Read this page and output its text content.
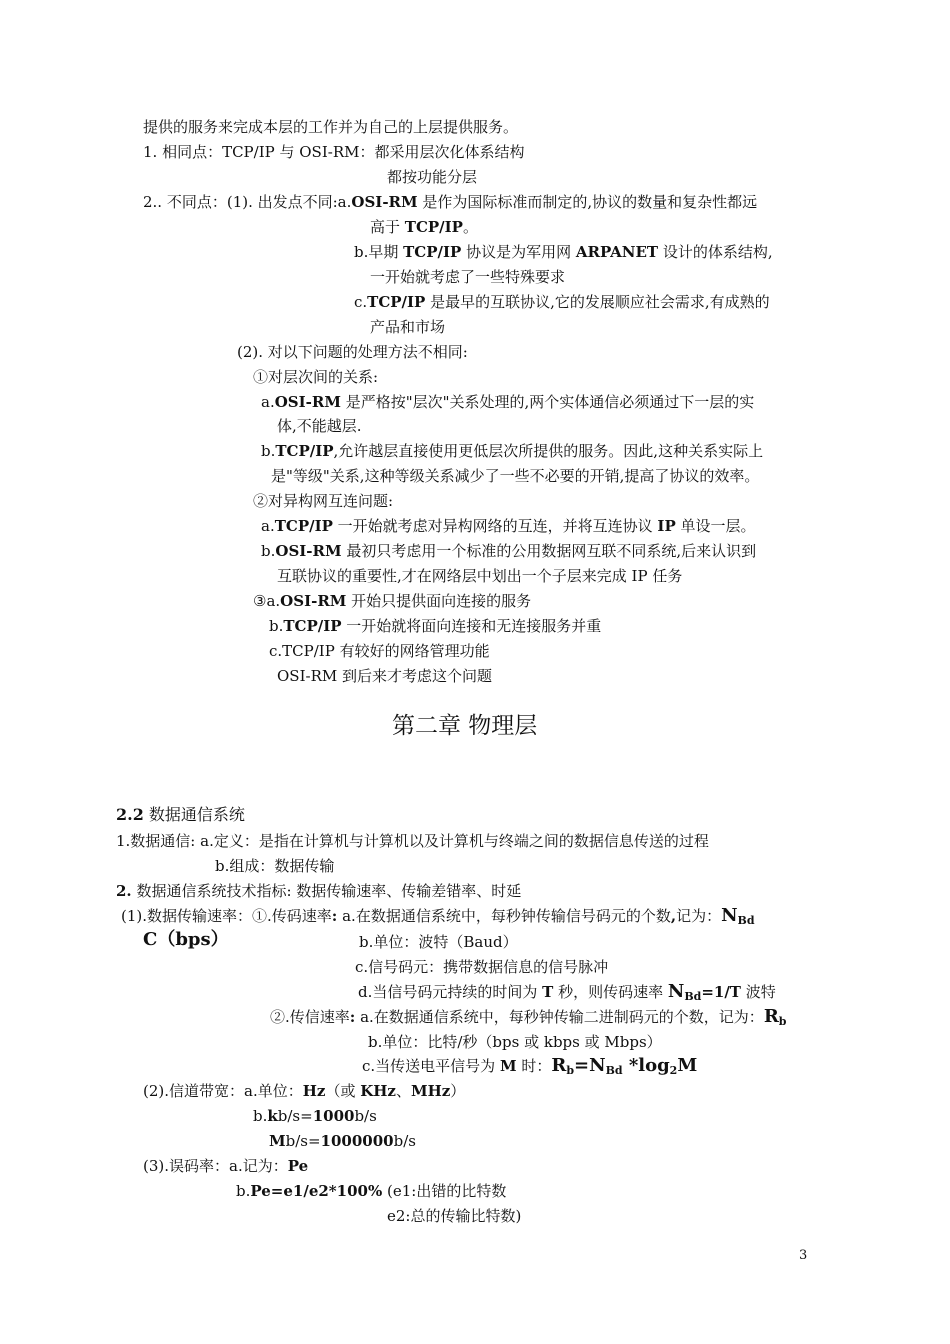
提供的服务来完成本层的工作并为自己的上层提供服务。
1. 相同点：TCP/IP 与 OSI-RM：都采用层次化体系结构
都按功能分层
2.. 不同点：(1). 出发点不同:a.OSI-RM 是作为国际标准而制定的,协议的数量和复杂性都远
高于 TCP/IP。
b.早期 TCP/IP 协议是为军用网 ARPANET 设计的体系结构,
一开始就考虑了一些特殊要求
c.TCP/IP 是最早的互联协议,它的发展顺应社会需求,有成熟的
产品和市场
(2). 对以下问题的处理方法不相同:
①对层次间的关系:
a.OSI-RM 是严格按"层次"关系处理的,两个实体通信必须通过下一层的实
体,不能越层.
b.TCP/IP,允许越层直接使用更低层次所提供的服务。因此,这种关系实际上
是"等级"关系,这种等级关系减少了一些不必要的开销,提高了协议的效率。
②对异构网互连问题:
a.TCP/IP 一开始就考虑对异构网络的互连，并将互连协议 IP 单设一层。
b.OSI-RM 最初只考虑用一个标准的公用数据网互联不同系统,后来认识到
互联协议的重要性,才在网络层中划出一个子层来完成 IP 任务
③a.OSI-RM 开始只提供面向连接的服务
b.TCP/IP 一开始就将面向连接和无连接服务并重
c.TCP/IP 有较好的网络管理功能
OSI-RM 到后来才考虑这个问题
第二章 物理层
2.2 数据通信系统
1.数据通信: a.定义：是指在计算机与计算机以及计算机与终端之间的数据信息传送的过程
b.组成：数据传输
2. 数据通信系统技术指标: 数据传输速率、传输差错率、时延
(1).数据传输速率：①.传码速率: a.在数据通信系统中，每秒钟传输信号码元的个数,记为：$N_{Bd}$
C（bps）	b.单位：波特（Baud）
c.信号码元：携带数据信息的信号脉冲
d.当信号码元持续的时间为 T 秒，则传码速率 $N_{Bd}=1/T$ 波特
②.传信速率: a.在数据通信系统中，每秒钟传输二进制码元的个数，记为：$R_b$
b.单位：比特/秒（bps 或 kbps 或 Mbps）
c.当传送电平信号为 M 时：$R_b=N_{Bd}$ $*\log_2M$
(2).信道带宽：a.单位：Hz（或 KHz、MHz）
b.kb/s=1000b/s
Mb/s=1000000b/s
(3).误码率：a.记为：Pe
b.Pe=e1/e2*100% (e1:出错的比特数
e2:总的传输比特数)
3
